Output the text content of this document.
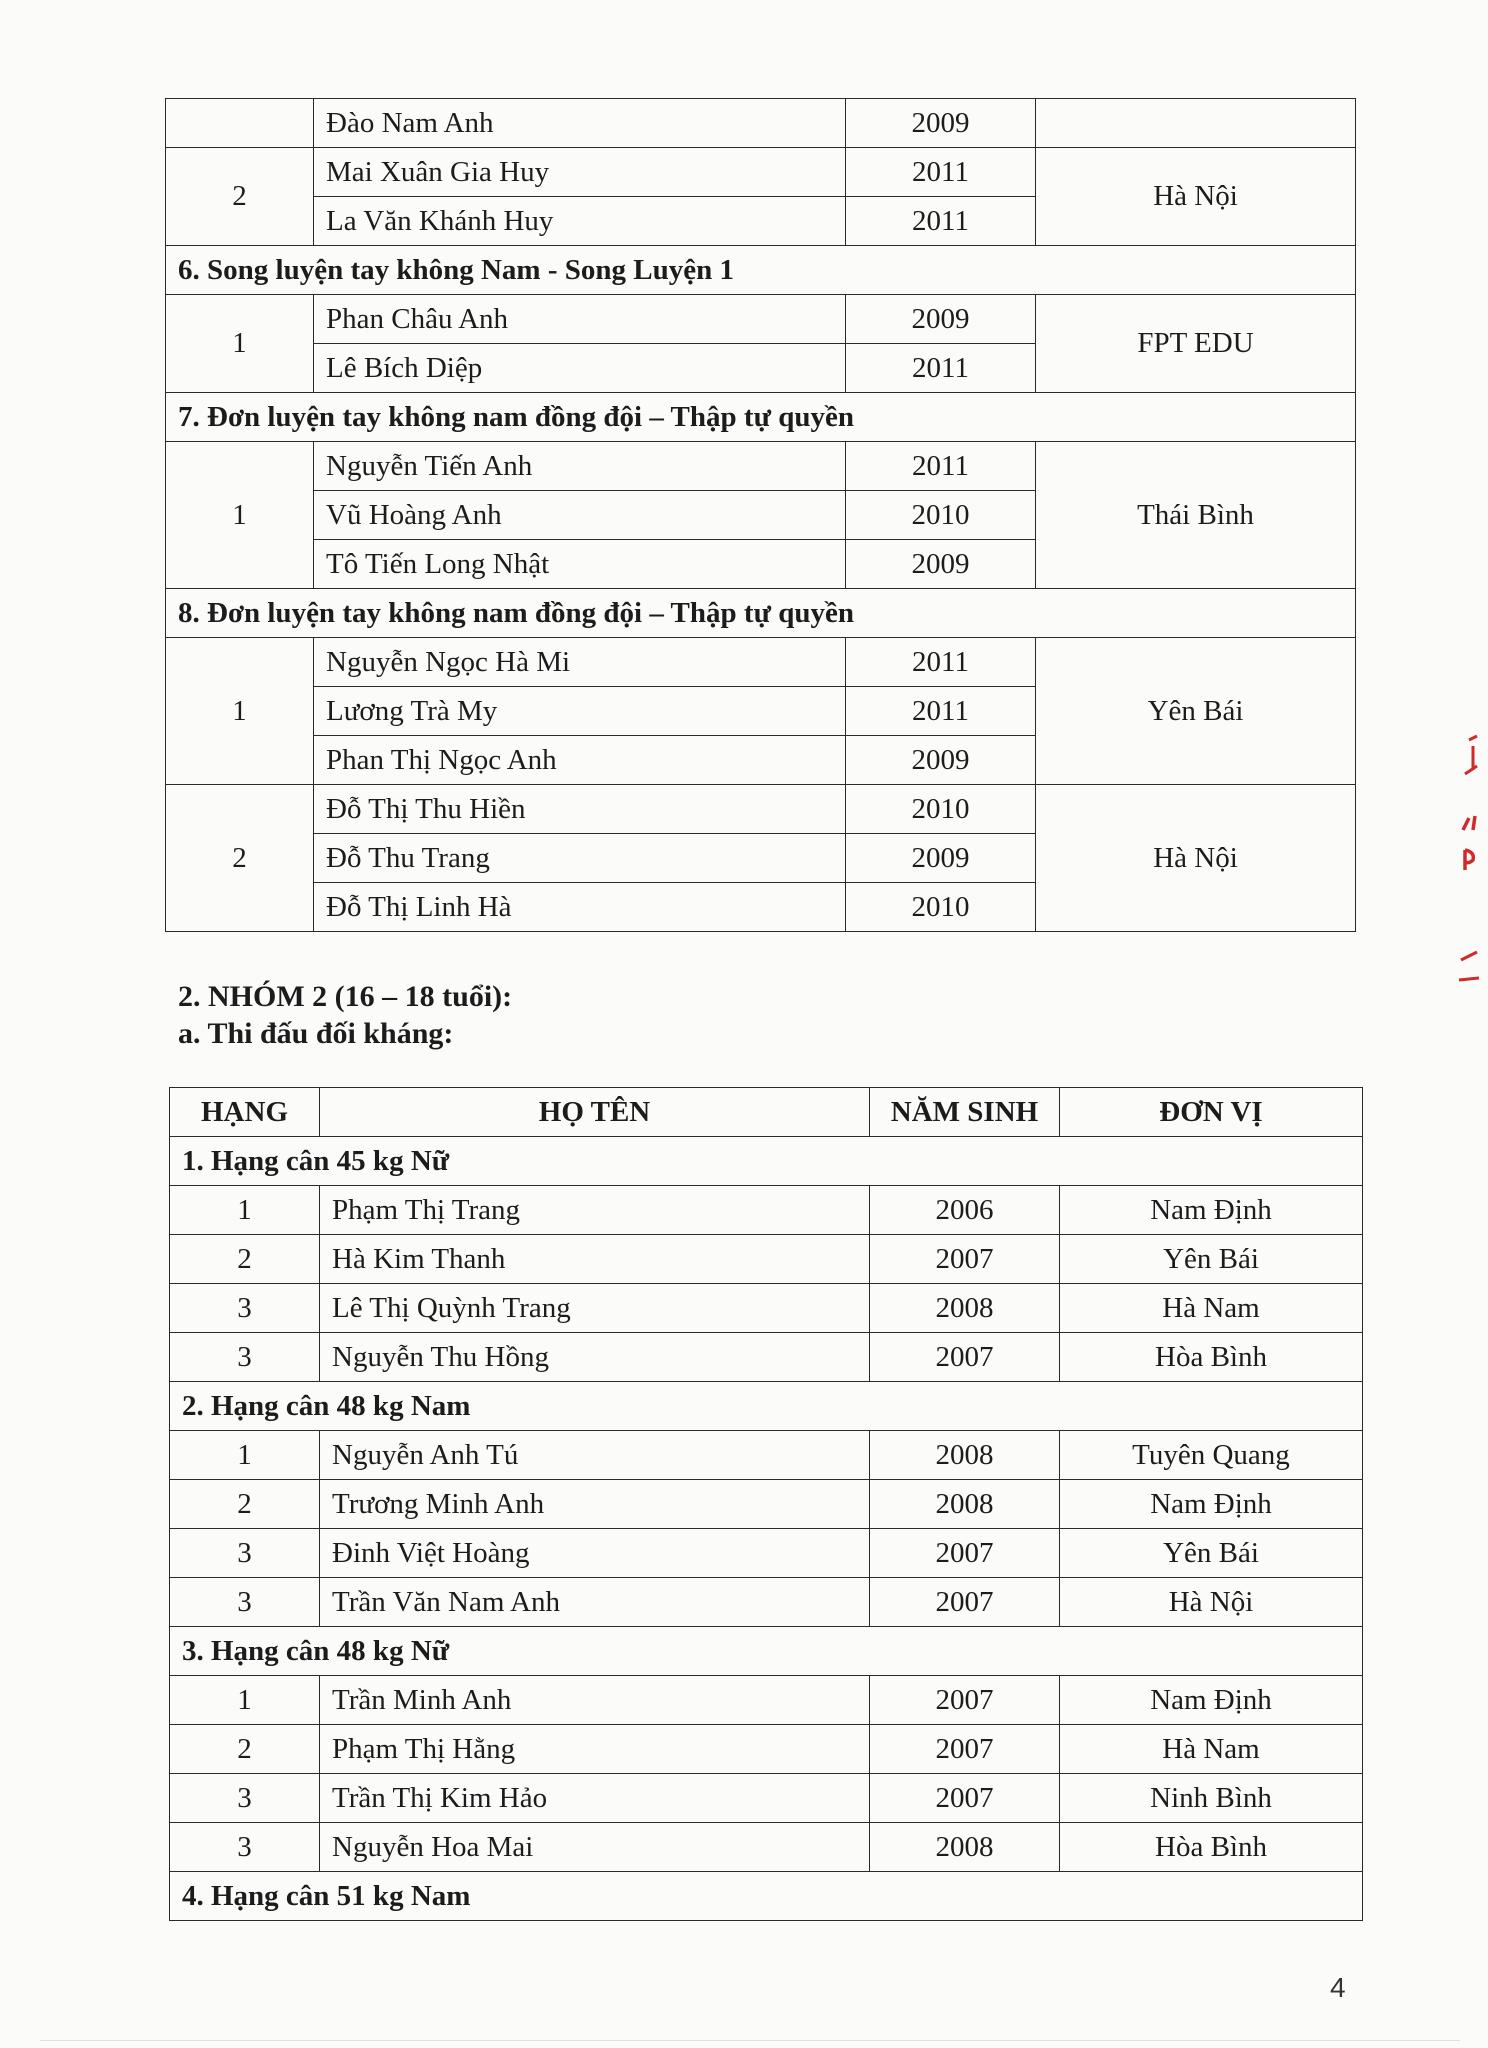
	Đào Nam Anh	2009	
2	Mai Xuân Gia Huy	2011	Hà Nội
	La Văn Khánh Huy	2011	
6. Song luyện tay không Nam - Song Luyện 1			
1	Phan Châu Anh	2009	FPT EDU
	Lê Bích Diệp	2011	
7. Đơn luyện tay không nam đồng đội – Thập tự quyền			
1	Nguyễn Tiến Anh	2011	Thái Bình
	Vũ Hoàng Anh	2010	
	Tô Tiến Long Nhật	2009	
8. Đơn luyện tay không nam đồng đội – Thập tự quyền			
1	Nguyễn Ngọc Hà Mi	2011	Yên Bái
	Lương Trà My	2011	
	Phan Thị Ngọc Anh	2009	
2	Đỗ Thị Thu Hiền	2010	Hà Nội
	Đỗ Thu Trang	2009	
	Đỗ Thị Linh Hà	2010	
2. NHÓM 2 (16 – 18 tuổi):
a. Thi đấu đối kháng:
HẠNG	HỌ TÊN	NĂM SINH	ĐƠN VỊ
1. Hạng cân 45 kg Nữ			
1	Phạm Thị Trang	2006	Nam Định
2	Hà Kim Thanh	2007	Yên Bái
3	Lê Thị Quỳnh Trang	2008	Hà Nam
3	Nguyễn Thu Hồng	2007	Hòa Bình
2. Hạng cân 48 kg Nam			
1	Nguyễn Anh Tú	2008	Tuyên Quang
2	Trương Minh Anh	2008	Nam Định
3	Đinh Việt Hoàng	2007	Yên Bái
3	Trần Văn Nam Anh	2007	Hà Nội
3. Hạng cân 48 kg Nữ			
1	Trần Minh Anh	2007	Nam Định
2	Phạm Thị Hằng	2007	Hà Nam
3	Trần Thị Kim Hảo	2007	Ninh Bình
3	Nguyễn Hoa Mai	2008	Hòa Bình
4. Hạng cân 51 kg Nam			
4
